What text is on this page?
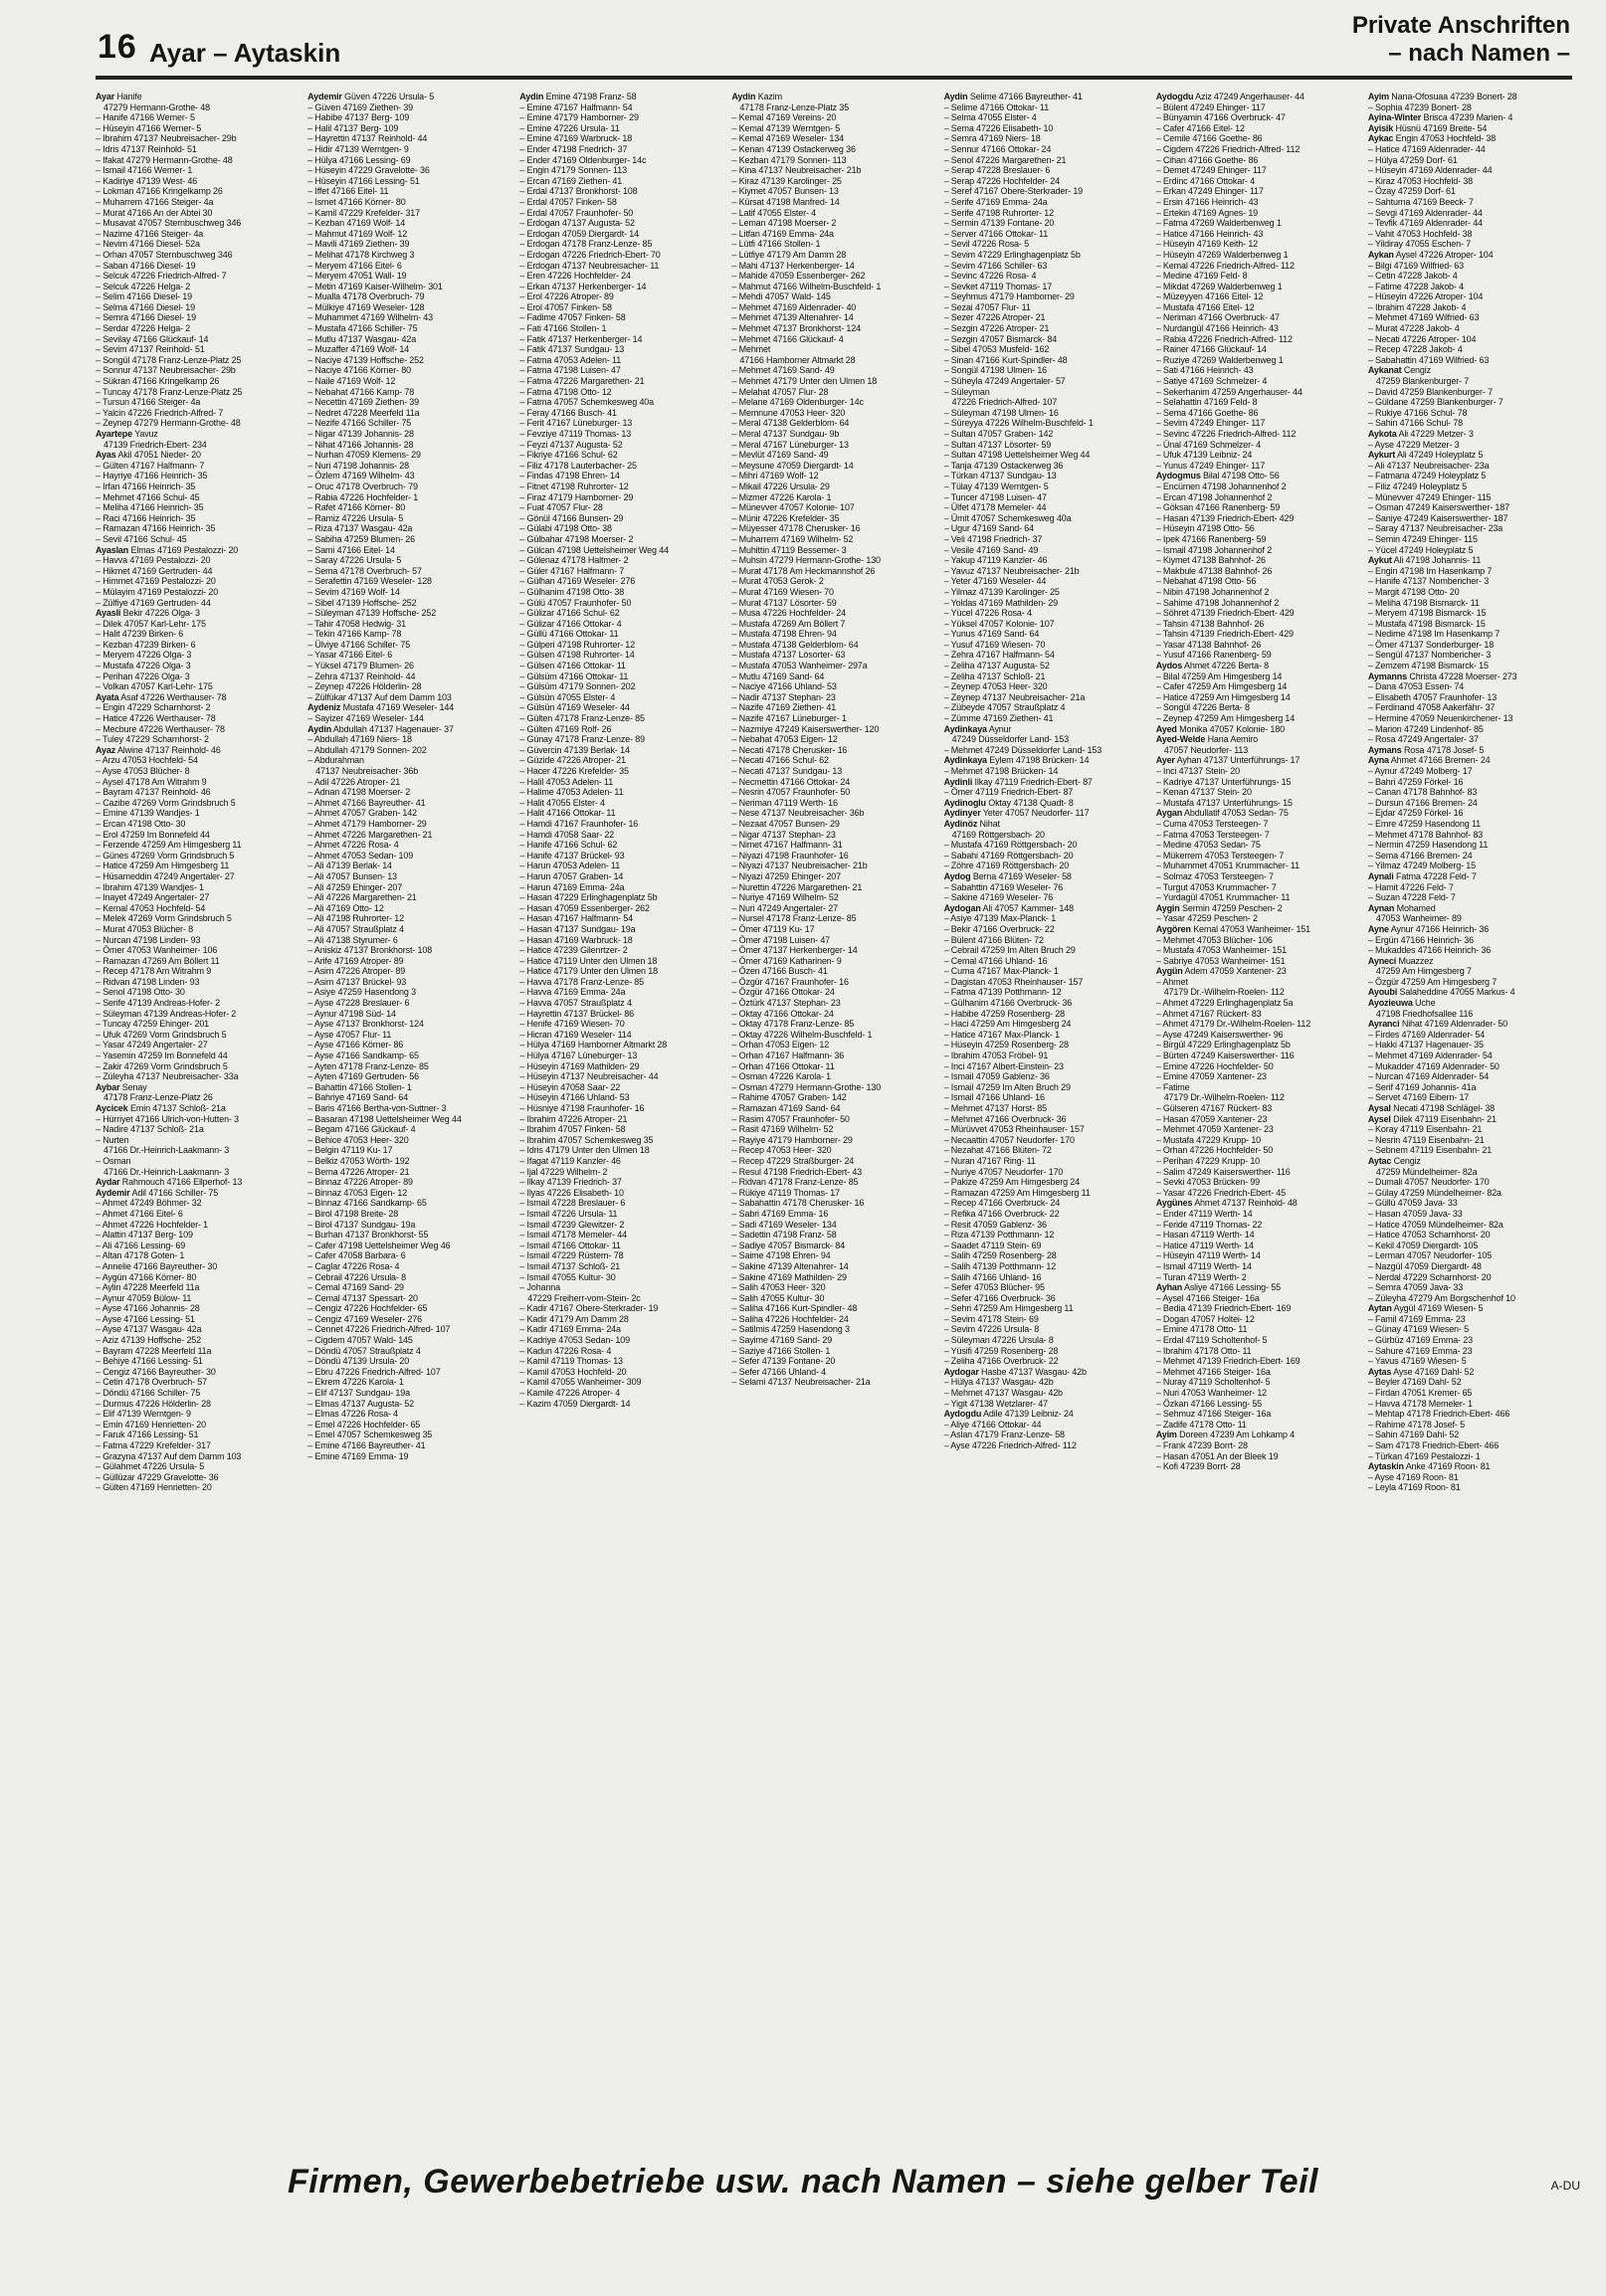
16 Ayar – Aytaskin
Private Anschriften
– nach Namen –
Ayar Hanife
47279 Hermann-Grothe- 48
– Hanife 47166 Werner- 5
– Hüseyin 47166 Werner- 5
– Ibrahim 47137 Neubreisacher- 29b
– Idris 47137 Reinhold- 51
– Ifakat 47279 Hermann-Grothe- 48
– Ismail 47166 Werner- 1
– Kadiriye 47139 West- 46
– Lokman 47166 Kringelkamp 26
– Muharrem 47166 Steiger- 4a
– Murat 47166 An der Abtei 30
– Musavat 47057 Sternbuschweg 346
– Nazime 47166 Steiger- 4a
– Nevim 47166 Diesel- 52a
– Orhan 47057 Sternbuschweg 346
– Saban 47166 Diesel- 19
– Selcuk 47226 Friedrich-Alfred- 7
– Selcuk 47226 Helga- 2
– Selim 47166 Diesel- 19
– Selma 47166 Diesel- 19
– Semra 47166 Diesel- 19
– Serdar 47226 Helga- 2
– Sevilay 47166 Glückauf- 14
– Sevim 47137 Reinhold- 51
– Songül 47178 Franz-Lenze-Platz 25
– Sonnur 47137 Neubreisacher- 29b
– Sükran 47166 Kringelkamp 26
– Tuncay 47178 Franz-Lenze-Platz 25
– Tursun 47166 Steiger- 4a
– Yalcin 47226 Friedrich-Alfred- 7
– Zeynep 47279 Hermann-Grothe- 48
Ayartepe Yavuz
47139 Friedrich-Ebert- 234
Ayas Akil 47051 Nieder- 20
– Gülten 47167 Halfmann- 7
– Hayriye 47166 Heinrich- 35
– Irfan 47166 Heinrich- 35
– Mehmet 47166 Schul- 45
– Meliha 47166 Heinrich- 35
– Raci 47166 Heinrich- 35
– Ramazan 47166 Heinrich- 35
– Sevil 47166 Schul- 45
Ayaslan Elmas 47169 Pestalozzi- 20
– Havva 47169 Pestalozzi- 20
– Hikmet 47169 Gertruden- 44
– Himmet 47169 Pestalozzi- 20
– Mülayim 47169 Pestalozzi- 20
– Zülfiye 47169 Gertruden- 44
Ayasli Bekir 47226 Olga- 3
– Dilek 47057 Karl-Lehr- 175
– Halit 47239 Birken- 6
– Kezban 47239 Birken- 6
– Meryem 47226 Olga- 3
– Mustafa 47226 Olga- 3
– Perihan 47226 Olga- 3
– Volkan 47057 Karl-Lehr- 175
Ayata Asaf 47226 Werthauser- 78
– Engin 47229 Scharnhorst- 2
– Hatice 47226 Werthauser- 78
– Mecbure 47226 Werthauser- 78
– Tuley 47229 Scharnhorst- 2
Ayaz Alwine 47137 Reinhold- 46
– Arzu 47053 Hochfeld- 54
– Ayse 47053 Blücher- 8
– Aysel 47178 Am Witrahm 9
– Bayram 47137 Reinhold- 46
– Cazibe 47269 Vorm Grindsbruch 5
– Emine 47139 Wandjes- 1
– Ercan 47198 Otto- 30
– Erol 47259 Im Bonnefeld 44
– Ferzende 47259 Am Himgesberg 11
– Günes 47269 Vorm Grindsbruch 5
– Hatice 47259 Am Himgesberg 11
– Hüsameddin 47249 Angertaler- 27
– Ibrahim 47139 Wandjes- 1
– Inayet 47249 Angertaler- 27
– Kemal 47053 Hochfeld- 54
– Melek 47269 Vorm Grindsbruch 5
– Murat 47053 Blücher- 8
– Nurcan 47198 Linden- 93
– Ömer 47053 Wanheimer- 106
– Ramazan 47269 Am Böllert 11
– Recep 47178 Am Witrahm 9
– Ridvan 47198 Linden- 93
– Senol 47198 Otto- 30
– Serife 47139 Andreas-Hofer- 2
– Süleyman 47139 Andreas-Hofer- 2
– Tuncay 47259 Ehinger- 201
– Ufuk 47269 Vorm Grindsbruch 5
– Yasar 47249 Angertaler- 27
– Yasemin 47259 Im Bonnefeld 44
– Zakir 47269 Vorm Grindsbruch 5
– Züleyha 47137 Neubreisacher- 33a
Aybar Senay
47178 Franz-Lenze-Platz 26
Aycicek Emin 47137 Schloß- 21a
– Hürriyet 47166 Ulrich-von-Hutten- 3
– Nadire 47137 Schloß- 21a
– Nurten
47166 Dr.-Heinrich-Laakmann- 3
– Osman
47166 Dr.-Heinrich-Laakmann- 3
Aydar Rahmouch 47166 Ellperhof- 13
Aydemir Adil 47166 Schiller- 75
– Ahmet 47249 Böhmer- 32
– Ahmet 47166 Eitel- 6
– Ahmet 47226 Hochfelder- 1
– Alattin 47137 Berg- 109
– Ali 47166 Lessing- 69
– Altan 47178 Goten- 1
– Annelie 47166 Bayreuther- 30
– Aygün 47166 Körner- 80
– Aylin 47228 Meerfeld 11a
– Aynur 47059 Bülow- 11
– Ayse 47166 Johannis- 28
– Ayse 47166 Lessing- 51
– Ayse 47137 Wasgau- 42a
– Aziz 47139 Hoffsche- 252
– Bayram 47228 Meerfeld 11a
– Behiye 47166 Lessing- 51
– Cengiz 47166 Bayreuther- 30
– Cetin 47178 Overbruch- 57
– Döndü 47166 Schiller- 75
– Durmus 47226 Hölderlin- 28
– Elif 47139 Werntgen- 9
– Emin 47169 Henrietten- 20
– Faruk 47166 Lessing- 51
– Fatma 47229 Krefelder- 317
– Grazyna 47137 Auf dem Damm 103
– Gülahmet 47226 Ursula- 5
– Güllüzar 47229 Gravelotte- 36
– Gülten 47169 Henrietten- 20
Aydemir Güven 47226 Ursula- 5
– Güven 47169 Ziethen- 39
– Habibe 47137 Berg- 109
– Halil 47137 Berg- 109
– Hayrettin 47137 Reinhold- 44
– Hidir 47139 Werntgen- 9
– Hülya 47166 Lessing- 69
– Hüseyin 47229 Gravelotte- 36
– Hüseyin 47166 Lessing- 51
– Iffet 47166 Eitel- 11
– Ismet 47166 Körner- 80
– Kamil 47229 Krefelder- 317
– Kezban 47169 Wolf- 14
– Mahmut 47169 Wolf- 12
– Mavili 47169 Ziethen- 39
– Melihat 47178 Kirchweg 3
– Meryem 47166 Eitel- 6
– Meryem 47051 Wall- 19
– Metin 47169 Kaiser-Wilhelm- 301
– Mualla 47178 Overbruch- 79
– Mülkiye 47169 Weseler- 128
– Muhammet 47169 Wilhelm- 43
– Mustafa 47166 Schiller- 75
– Mutlu 47137 Wasgau- 42a
– Muzaffer 47169 Wolf- 14
– Naciye 47139 Hoffsche- 252
– Naciye 47166 Körner- 80
– Naile 47169 Wolf- 12
– Nebahat 47166 Kamp- 78
– Necettin 47169 Ziethen- 39
– Nedret 47228 Meerfeld 11a
– Nezife 47166 Schiller- 75
– Nigar 47139 Johannis- 28
– Nihat 47166 Johannis- 28
– Nurhan 47059 Klemens- 29
– Nuri 47198 Johannis- 28
– Özlem 47169 Wilhelm- 43
– Oruc 47178 Overbruch- 79
– Rabia 47226 Hochfelder- 1
– Rafet 47166 Körner- 80
– Ramiz 47226 Ursula- 5
– Riza 47137 Wasgau- 42a
– Sabiha 47259 Blumen- 26
– Sami 47166 Eitel- 14
– Saray 47226 Ursula- 5
– Sema 47178 Overbruch- 57
– Serafettin 47169 Weseler- 128
– Sevim 47169 Wolf- 14
– Sibel 47139 Hoffsche- 252
– Süleyman 47139 Hoffsche- 252
– Tahir 47058 Hedwig- 31
– Tekin 47166 Kamp- 78
– Ülviye 47166 Schiller- 75
– Yasar 47166 Eitel- 6
– Yüksel 47179 Blumen- 26
– Zehra 47137 Reinhold- 44
– Zeynep 47226 Hölderlin- 28
– Zülfükar 47137 Auf dem Damm 103
Aydeniz Mustafa 47169 Weseler- 144
– Sayizer 47169 Weseler- 144
Aydin Abdullah 47137 Hagenauer- 37
– Abdullah 47169 Niers- 18
– Abdullah 47179 Sonnen- 202
– Abdurahman
47137 Neubreisacher- 36b
– Adil 47226 Atroper- 21
– Adnan 47198 Moerser- 2
– Ahmet 47166 Bayreuther- 41
– Ahmet 47057 Graben- 142
– Ahmet 47179 Hamborner- 29
– Ahmet 47226 Margarethen- 21
– Ahmet 47226 Rosa- 4
– Ahmet 47053 Sedan- 109
– Ali 47139 Berlak- 14
– Ali 47057 Bunsen- 13
– Ali 47259 Ehinger- 207
– Ali 47226 Margarethen- 21
– Ali 47169 Otto- 12
– Ali 47198 Ruhrorter- 12
– Ali 47057 Straußplatz 4
– Ali 47138 Styrumer- 6
– Aniskiz 47137 Bronkhorst- 108
– Arife 47169 Atroper- 89
– Asim 47226 Atroper- 89
– Asim 47137 Brückel- 93
– Asiye 47259 Hasendong 3
– Ayse 47228 Breslauer- 6
– Aynur 47198 Süd- 14
– Ayse 47137 Bronkhorst- 124
– Ayse 47057 Flur- 11
– Ayse 47166 Körner- 86
– Ayse 47166 Sandkamp- 65
– Ayten 47178 Franz-Lenze- 85
– Ayten 47169 Gertruden- 56
– Bahattin 47166 Stollen- 1
– Bahriye 47169 Sand- 64
– Baris 47166 Bertha-von-Suttner- 3
– Basaran 47198 Uettelsheimer Weg 44
– Begam 47166 Glückauf- 4
– Behice 47053 Heer- 320
– Belgin 47119 Ku- 17
– Belkiz 47053 Wörth- 192
– Berna 47226 Atroper- 21
– Binnaz 47226 Atroper- 89
– Binnaz 47053 Eigen- 12
– Binnaz 47166 Sandkamp- 65
– Birol 47198 Breite- 28
– Birol 47137 Sundgau- 19a
– Burhan 47137 Bronkhorst- 55
– Cafer 47198 Uettelsheimer Weg 46
– Cafer 47058 Barbara- 6
– Caglar 47226 Rosa- 4
– Cebrail 47226 Ursula- 8
– Cemal 47169 Sand- 29
– Cemal 47137 Spessart- 20
– Cengiz 47226 Hochfelder- 65
– Cengiz 47169 Weseler- 276
– Cennet 47226 Friedrich-Alfred- 107
– Cigdem 47057 Wald- 145
– Döndü 47057 Straußplatz 4
– Döndü 47139 Ursula- 20
– Ebru 47226 Friedrich-Alfred- 107
– Ekrem 47226 Karola- 1
– Elif 47137 Sundgau- 19a
– Elmas 47137 Augusta- 52
– Elmas 47226 Rosa- 4
– Emel 47226 Hochfelder- 65
– Emel 47057 Schemkesweg 35
– Emine 47166 Bayreuther- 41
– Emine 47169 Emma- 19
Aydin Emine 47198 Franz- 58
– Emine 47167 Halfmann- 54
– Emine 47179 Hamborner- 29
– Emine 47226 Ursula- 11
– Emine 47169 Warbruck- 18
– Ender 47198 Friedrich- 37
– Ender 47169 Oldenburger- 14c
– Engin 47179 Sonnen- 113
– Ercan 47169 Ziethen- 41
– Erdal 47137 Bronkhorst- 108
– Erdal 47057 Finken- 58
– Erdal 47057 Fraunhofer- 50
– Erdogan 47137 Augusta- 52
– Erdogan 47059 Diergardt- 14
– Erdogan 47178 Franz-Lenze- 85
– Erdogan 47226 Friedrich-Ebert- 70
– Erdogan 47137 Neubreisacher- 11
– Eren 47226 Hochfelder- 24
– Erkan 47137 Herkenberger- 14
– Erol 47226 Atroper- 89
– Erol 47057 Finken- 58
– Fadime 47057 Finken- 58
– Fati 47166 Stollen- 1
– Fatik 47137 Herkenberger- 14
– Fatik 47137 Sundgau- 13
– Fatma 47053 Adelen- 11
– Fatma 47198 Luisen- 47
– Fatma 47226 Margarethen- 21
– Fatma 47198 Otto- 12
– Fatma 47057 Schemkesweg 40a
– Feray 47166 Busch- 41
– Ferit 47167 Lüneburger- 13
– Fevziye 47119 Thomas- 13
– Feyzi 47137 Augusta- 52
– Fikriye 47166 Schul- 62
– Filiz 47178 Lauterbacher- 25
– Findas 47198 Ehren- 14
– Fitnet 47198 Ruhrorter- 12
– Firaz 47179 Hamborner- 29
– Fuat 47057 Flur- 28
– Gönül 47166 Bunsen- 29
– Gülabi 47198 Otto- 38
– Gülbahar 47198 Moerser- 2
– Gülcan 47198 Uettelsheimer Weg 44
– Gülenaz 47178 Haltmer- 2
– Güler 47167 Halfmann- 7
– Gülhan 47169 Weseler- 276
– Gülhanim 47198 Otto- 38
– Gülü 47057 Fraunhofer- 50
– Gülizar 47166 Schul- 62
– Gülizar 47166 Ottokar- 4
– Güllü 47166 Ottokar- 11
– Gülperi 47198 Ruhrorter- 12
– Gülsen 47198 Ruhrorter- 14
– Gülsen 47166 Ottokar- 11
– Gülsüm 47166 Ottokar- 11
– Gülsüm 47179 Sonnen- 202
– Gülsün 47055 Elster- 4
– Gülsün 47169 Weseler- 44
– Gülten 47178 Franz-Lenze- 85
– Gülten 47169 Rolf- 26
– Günay 47178 Franz-Lenze- 89
– Güvercin 47139 Berlak- 14
– Güzide 47226 Atroper- 21
– Hacer 47226 Krefelder- 35
– Halil 47053 Adelen- 11
– Halime 47053 Adelen- 11
– Halit 47055 Elster- 4
– Halit 47166 Ottokar- 11
– Hamdi 47167 Fraunhofer- 16
– Hamdi 47058 Saar- 22
– Hanife 47166 Schul- 62
– Hanife 47137 Brückel- 93
– Harun 47053 Adelen- 11
– Harun 47057 Graben- 14
– Harun 47169 Emma- 24a
– Hasan 47229 Erlinghagenplatz 5b
– Hasan 47059 Essenberger- 262
– Hasan 47167 Halfmann- 54
– Hasan 47137 Sundgau- 19a
– Hasan 47169 Warbruck- 18
– Hatice 47239 Gilenrtzer- 2
– Hatice 47119 Unter den Ulmen 18
– Hatice 47179 Unter den Ulmen 18
– Havva 47178 Franz-Lenze- 85
– Havva 47169 Emma- 24a
– Havva 47057 Straußplatz 4
– Hayrettin 47137 Brückel- 86
– Henife 47169 Wiesen- 70
– Hicran 47169 Weseler- 114
– Hülya 47169 Hamborner Altmarkt 28
– Hülya 47167 Lüneburger- 13
– Hüseyin 47169 Mathilden- 29
– Hüseyin 47137 Neubreisacher- 44
– Hüseyin 47058 Saar- 22
– Hüseyin 47166 Uhland- 53
– Hüsniye 47198 Fraunhofer- 16
– Ibrahim 47226 Atroper- 21
– Ibrahim 47057 Finken- 58
– Ibrahim 47057 Schemkesweg 35
– Idris 47179 Unter den Ulmen 18
– Ifagat 47119 Kanzler- 46
– Ijal 47229 Wilhelm- 2
– Ilkay 47139 Friedrich- 37
– Ilyas 47226 Elisabeth- 10
– Ismail 47228 Breslauer- 6
– Ismail 47226 Ursula- 11
– Ismail 47239 Glewitzer- 2
– Ismail 47178 Memeler- 44
– Ismail 47166 Ottokar- 11
– Ismail 47229 Rüstern- 78
– Ismail 47137 Schloß- 21
– Ismail 47055 Kultur- 30
– Johanna
47229 Freiherr-vom-Stein- 2c
– Kadir 47167 Obere-Sterkrader- 19
– Kadir 47179 Am Damm 28
– Kadir 47169 Emma- 24a
– Kadriye 47053 Sedan- 109
– Kadun 47226 Rosa- 4
– Kamil 47119 Thomas- 13
– Kamil 47053 Hochfeld- 20
– Kamil 47055 Wanheimer- 309
– Kamile 47226 Atroper- 4
– Kazim 47059 Diergardt- 14
Aydin Kazim
47178 Franz-Lenze-Platz 35
– Kemal 47169 Vereins- 20
– Kemal 47139 Werntgen- 5
– Kemal 47169 Weseler- 134
– Kenan 47139 Ostackerweg 36
– Kezban 47179 Sonnen- 113
– Kina 47137 Neubreisacher- 21b
– Kiraz 47139 Karolinger- 25
– Kiymet 47057 Bunsen- 13
– Kürsat 47198 Manfred- 14
– Latif 47055 Elster- 4
– Leman 47198 Moerser- 2
– Litfan 47169 Emma- 24a
– Lütfi 47166 Stollen- 1
– Lütfiye 47179 Am Damm 28
– Mahi 47137 Herkenberger- 14
– Mahide 47059 Essenberger- 262
– Mahmut 47166 Wilhelm-Buschfeld- 1
– Mehdi 47057 Wald- 145
– Mehmet 47169 Aldenrader- 40
– Mehmet 47139 Altenahrer- 14
– Mehmet 47137 Bronkhorst- 124
– Mehmet 47166 Glückauf- 4
– Mehmet
47166 Hamborner Altmarkt 28
– Mehmet 47169 Sand- 49
– Mehmet 47179 Unter den Ulmen 18
– Melahat 47057 Flur- 28
– Melane 47169 Oldenburger- 14c
– Memnune 47053 Heer- 320
– Meral 47138 Gelderblom- 64
– Meral 47137 Sundgau- 9b
– Meral 47167 Lüneburger- 13
– Mevlüt 47169 Sand- 49
– Meysune 47059 Diergardt- 14
– Mihri 47169 Wolf- 12
– Mikail 47226 Ursula- 29
– Mizmer 47226 Karola- 1
– Münevver 47057 Kolonie- 107
– Münir 47226 Krefelder- 35
– Müyesser 47178 Cherusker- 16
– Muharrem 47169 Wilhelm- 52
– Muhittin 47119 Bessemer- 3
– Muhsin 47279 Hermann-Grothe- 130
– Murat 47178 Am Heckmannshof 26
– Murat 47053 Gerok- 2
– Murat 47169 Wiesen- 70
– Murat 47137 Lösorter- 59
– Musa 47226 Hochfelder- 24
– Mustafa 47269 Am Böllert 7
– Mustafa 47198 Ehren- 94
– Mustafa 47138 Gelderblom- 64
– Mustafa 47137 Lösorter- 63
– Mustafa 47053 Wanheimer- 297a
– Mutlu 47169 Sand- 64
– Naciye 47166 Uhland- 53
– Nadir 47137 Stephan- 23
– Nazife 47169 Ziethen- 41
– Nazife 47167 Lüneburger- 1
– Nazmiye 47249 Kaiserswerther- 120
– Nebahat 47053 Eigen- 12
– Necati 47178 Cherusker- 16
– Necati 47166 Schul- 62
– Necati 47137 Sundgau- 13
– Necmettin 47166 Ottokar- 24
– Nesrin 47057 Fraunhofer- 50
– Neriman 47119 Werth- 16
– Nese 47137 Neubreisacher- 36b
– Nezaat 47057 Bunsen- 29
– Nigar 47137 Stephan- 23
– Nimet 47167 Halfmann- 31
– Niyazi 47198 Fraunhofer- 16
– Niyazi 47137 Neubreisacher- 21b
– Niyazi 47259 Ehinger- 207
– Nurettin 47226 Margarethen- 21
– Nuriye 47169 Wilhelm- 52
– Nuri 47249 Angertaler- 27
– Nursel 47178 Franz-Lenze- 85
– Ömer 47119 Ku- 17
– Ömer 47198 Luisen- 47
– Ömer 47137 Herkenberger- 14
– Ömer 47169 Katharinen- 9
– Özen 47166 Busch- 41
– Özgür 47167 Fraunhofer- 16
– Özgür 47166 Ottokar- 24
– Öztürk 47137 Stephan- 23
– Oktay 47166 Ottokar- 24
– Oktay 47178 Franz-Lenze- 85
– Oktay 47226 Wilhelm-Buschfeld- 1
– Orhan 47053 Eigen- 12
– Orhan 47167 Halfmann- 36
– Orhan 47166 Ottokar- 11
– Osman 47226 Karola- 1
– Osman 47279 Hermann-Grothe- 130
– Rahime 47057 Graben- 142
– Ramazan 47169 Sand- 64
– Rasim 47057 Fraunhofer- 50
– Rasit 47169 Wilhelm- 52
– Rayiye 47179 Hamborner- 29
– Recep 47053 Heer- 320
– Recep 47229 Straßburger- 24
– Resul 47198 Friedrich-Ebert- 43
– Ridvan 47178 Franz-Lenze- 85
– Rükiye 47119 Thomas- 17
– Sabahattin 47178 Cherusker- 16
– Sabri 47169 Emma- 16
– Sadi 47169 Weseler- 134
– Sadettin 47198 Franz- 58
– Sadiye 47057 Bismarck- 84
– Saime 47198 Ehren- 94
– Sakine 47139 Altenahrer- 14
– Sakine 47169 Mathilden- 29
– Salih 47053 Heer- 320
– Salih 47055 Kultur- 30
– Saliha 47166 Kurt-Spindler- 48
– Saliha 47226 Hochfelder- 24
– Satilmis 47259 Hasendong 3
– Sayime 47169 Sand- 29
– Saziye 47166 Stollen- 1
– Sefer 47139 Fontane- 20
– Sefer 47166 Uhland- 4
– Selami 47137 Neubreisacher- 21a
Aydin Selime 47166 Bayreuther- 41
– Selime 47166 Ottokar- 11
– Selma 47055 Elster- 4
– Sema 47226 Elisabeth- 10
– Semra 47169 Niers- 18
– Sennur 47166 Ottokar- 24
– Senol 47226 Margarethen- 21
– Serap 47228 Breslauer- 6
– Serap 47226 Hochfelder- 24
– Seref 47167 Obere-Sterkrader- 19
– Serife 47169 Emma- 24a
– Serife 47198 Ruhrorter- 12
– Sermin 47139 Fontane- 20
– Server 47166 Ottokar- 11
– Sevil 47226 Rosa- 5
– Sevim 47229 Erlinghagenplatz 5b
– Sevim 47166 Schiller- 63
– Sevinc 47226 Rosa- 4
– Sevket 47119 Thomas- 17
– Seyhmus 47179 Hamborner- 29
– Sezai 47057 Flur- 11
– Sezer 47226 Atroper- 21
– Sezgin 47226 Atroper- 21
– Sezgin 47057 Bismarck- 84
– Sibel 47053 Musfeld- 162
– Sinan 47166 Kurt-Spindler- 48
– Songül 47198 Ulmen- 16
– Süheyla 47249 Angertaler- 57
– Süleyman
47226 Friedrich-Alfred- 107
– Süleyman 47198 Ulmen- 16
– Süreyya 47226 Wilhelm-Buschfeld- 1
– Sultan 47057 Graben- 142
– Sultan 47137 Lösorter- 59
– Sultan 47198 Uettelsheimer Weg 44
– Tanja 47139 Ostackerweg 36
– Türkan 47137 Sundgau- 13
– Tülay 47139 Werntgen- 5
– Tuncer 47198 Luisen- 47
– Ülfet 47178 Memeler- 44
– Ümit 47057 Schemkesweg 40a
– Ugur 47169 Sand- 64
– Veli 47198 Friedrich- 37
– Vesile 47169 Sand- 49
– Yakup 47119 Kanzler- 46
– Yavuz 47137 Neubreisacher- 21b
– Yeter 47169 Weseler- 44
– Yilmaz 47139 Karolinger- 25
– Yoldas 47169 Mathilden- 29
– Yücel 47226 Rosa- 4
– Yüksel 47057 Kolonie- 107
– Yunus 47169 Sand- 64
– Yusuf 47169 Wiesen- 70
– Zehra 47167 Halfmann- 54
– Zeliha 47137 Augusta- 52
– Zeliha 47137 Schloß- 21
– Zeynep 47053 Heer- 320
– Zeynep 47137 Neubreisacher- 21a
– Zübeyde 47057 Straußplatz 4
– Zümme 47169 Ziethen- 41
Aydinkaya Aynur
47249 Düsseldorfer Land- 153
– Mehmet 47249 Düsseldorfer Land- 153
Aydinkaya Eylem 47198 Brücken- 14
– Mehmet 47198 Brücken- 14
Aydinli Ilkay 47119 Friedrich-Ebert- 87
– Ömer 47119 Friedrich-Ebert- 87
Aydinoglu Oktay 47138 Quadt- 8
Aydinyer Yeter 47057 Neudorfer- 117
Aydinöz Nihat
47169 Röttgersbach- 20
– Mustafa 47169 Röttgersbach- 20
– Sabahi 47169 Röttgersbach- 20
– Zöhre 47169 Röttgersbach- 20
Aydog Berna 47169 Weseler- 58
– Sabahttin 47169 Weseler- 76
– Sakine 47169 Weseler- 76
Aydogan Ali 47057 Kammer- 148
– Asiye 47139 Max-Planck- 1
– Bekir 47166 Overbruck- 22
– Bülent 47166 Blüten- 72
– Cebrail 47259 Im Alten Bruch 29
– Cemal 47166 Uhland- 16
– Cuma 47167 Max-Planck- 1
– Dagistan 47053 Rheinhauser- 157
– Fatma 47139 Potthmann- 12
– Gülhanim 47166 Overbruck- 36
– Habibe 47259 Rosenberg- 28
– Haci 47259 Am Himgesberg 24
– Hatice 47167 Max-Planck- 1
– Hüseyin 47259 Rosenberg- 28
– Ibrahim 47053 Fröbel- 91
– Inci 47167 Albert-Einstein- 23
– Ismail 47059 Gablenz- 36
– Ismail 47259 Im Alten Bruch 29
– Ismail 47166 Uhland- 16
– Mehmet 47137 Horst- 85
– Mehmet 47166 Overbruck- 36
– Mürüvvet 47053 Rheinhauser- 157
– Necaattin 47057 Neudorfer- 170
– Nezahat 47166 Blüten- 72
– Nuran 47167 Ring- 11
– Nuriye 47057 Neudorfer- 170
– Pakize 47259 Am Himgesberg 24
– Ramazan 47259 Am Himgesberg 11
– Recep 47166 Overbruck- 24
– Refika 47166 Overbruck- 22
– Resit 47059 Gablenz- 36
– Riza 47139 Potthmann- 12
– Saadet 47119 Stein- 69
– Salih 47259 Rosenberg- 28
– Salih 47139 Potthmann- 12
– Salih 47166 Uhland- 16
– Sefer 47053 Blücher- 95
– Sefer 47166 Overbruck- 36
– Sehri 47259 Am Himgesberg 11
– Sevim 47178 Stein- 69
– Sevim 47226 Ursula- 8
– Süleyman 47226 Ursula- 8
– Yüsifi 47259 Rosenberg- 28
– Zeliha 47166 Overbruck- 22
Aydogar Hasbe 47137 Wasgau- 42b
– Hülya 47137 Wasgau- 42b
– Mehmet 47137 Wasgau- 42b
– Yigit 47138 Wetzlarer- 47
Aydogdu Adile 47139 Leibniz- 24
– Aliye 47166 Ottokar- 44
– Aslan 47179 Franz-Lenze- 58
– Ayse 47226 Friedrich-Alfred- 112
Aydogdu Aziz 47249 Angerhauser- 44
– Bülent 47249 Ehinger- 117
– Bünyamin 47166 Overbruck- 47
– Cafer 47166 Eitel- 12
– Cemile 47166 Goethe- 86
– Cigdem 47226 Friedrich-Alfred- 112
– Cihan 47166 Goethe- 86
– Demet 47249 Ehinger- 117
– Erdinc 47166 Ottokar- 4
– Erkan 47249 Ehinger- 117
– Ersin 47166 Heinrich- 43
– Ertekin 47169 Agnes- 19
– Fatma 47269 Walderbenweg 1
– Hatice 47166 Heinrich- 43
– Hüseyin 47169 Keith- 12
– Hüseyin 47269 Walderbenweg 1
– Kemal 47226 Friedrich-Alfred- 112
– Medine 47169 Feld- 8
– Mikdat 47269 Walderbenweg 1
– Müzeyyen 47166 Eitel- 12
– Mustafa 47166 Eitel- 12
– Neriman 47166 Overbruck- 47
– Nurdangül 47166 Heinrich- 43
– Rabia 47226 Friedrich-Alfred- 112
– Rainer 47166 Glückauf- 14
– Ruziye 47269 Walderbenweg 1
– Sati 47166 Heinrich- 43
– Satiye 47169 Schmelzer- 4
– Sekerhanim 47259 Angerhauser- 44
– Selahattin 47169 Feld- 8
– Sema 47166 Goethe- 86
– Sevim 47249 Ehinger- 117
– Sevinc 47226 Friedrich-Alfred- 112
– Ünal 47169 Schmelzer- 4
– Ufuk 47139 Leibniz- 24
– Yunus 47249 Ehinger- 117
Aydogmus Bilal 47198 Otto- 56
– Encümen 47198 Johannenhof 2
– Ercan 47198 Johannenhof 2
– Göksan 47166 Ranenberg- 59
– Hasan 47139 Friedrich-Ebert- 429
– Hüseyin 47198 Otto- 56
– Ipek 47166 Ranenberg- 59
– Ismail 47198 Johannenhof 2
– Kiymet 47138 Bahnhof- 26
– Makbule 47138 Bahnhof- 26
– Nebahat 47198 Otto- 56
– Nibin 47198 Johannenhof 2
– Sahime 47198 Johannenhof 2
– Söhret 47139 Friedrich-Ebert- 429
– Tahsin 47138 Bahnhof- 26
– Tahsin 47139 Friedrich-Ebert- 429
– Yasar 47138 Bahnhof- 26
– Yusuf 47166 Ranenberg- 59
Aydos Ahmet 47226 Berta- 8
– Bilal 47259 Am Himgesberg 14
– Cafer 47259 Am Himgesberg 14
– Hatice 47259 Am Himgesberg 14
– Songül 47226 Berta- 8
– Zeynep 47259 Am Himgesberg 14
Ayed Monika 47057 Kolonie- 180
Ayed-Welde Hana Aemiro
47057 Neudorfer- 113
Ayer Ayhan 47137 Unterführungs- 17
– Inci 47137 Stein- 20
– Kadriye 47137 Unterführungs- 15
– Kenan 47137 Stein- 20
– Mustafa 47137 Unterführungs- 15
Aygan Abdullatif 47053 Sedan- 75
– Cuma 47053 Tersteegen- 7
– Fatma 47053 Tersteegen- 7
– Medine 47053 Sedan- 75
– Mükerrem 47053 Tersteegen- 7
– Muhammet 47051 Krummacher- 11
– Solmaz 47053 Tersteegen- 7
– Turgut 47053 Krummacher- 7
– Yurdagül 47051 Krummacher- 11
Aygin Sermin 47259 Peschen- 2
– Yasar 47259 Peschen- 2
Aygören Kemal 47053 Wanheimer- 151
– Mehmet 47053 Blücher- 106
– Mustafa 47053 Wanheimer- 151
– Sabriye 47053 Wanheimer- 151
Aygün Adem 47059 Xantener- 23
– Ahmet
47179 Dr.-Wilhelm-Roelen- 112
– Ahmet 47229 Erlinghagenplatz 5a
– Ahmet 47167 Rückert- 83
– Ahmet 47179 Dr.-Wilhelm-Roelen- 112
– Ayse 47249 Kaiserswerther- 96
– Birgül 47229 Erlinghagenplatz 5b
– Bürten 47249 Kaiserswerther- 116
– Emine 47226 Hochfelder- 50
– Emine 47059 Xantener- 23
– Fatime
47179 Dr.-Wilhelm-Roelen- 112
– Gülseren 47167 Rückert- 83
– Hasan 47059 Xantener- 23
– Mehmet 47059 Xantener- 23
– Mustafa 47229 Krupp- 10
– Orhan 47226 Hochfelder- 50
– Perihan 47229 Krupp- 10
– Salim 47249 Kaiserswerther- 116
– Sevki 47053 Brücken- 99
– Yasar 47226 Friedrich-Ebert- 45
Aygünes Ahmet 47137 Reinhold- 48
– Ender 47119 Werth- 14
– Feride 47119 Thomas- 22
– Hasan 47119 Werth- 14
– Hatice 47119 Werth- 14
– Hüseyin 47119 Werth- 14
– Ismail 47119 Werth- 14
– Turan 47119 Werth- 2
Ayhan Asliye 47166 Lessing- 55
– Aysel 47166 Steiger- 16a
– Bedia 47139 Friedrich-Ebert- 169
– Dogan 47057 Holtei- 12
– Emine 47178 Otto- 11
– Erdal 47119 Scholtenhof- 5
– Ibrahim 47178 Otto- 11
– Mehmet 47139 Friedrich-Ebert- 169
– Mehmet 47166 Steiger- 16a
– Nuray 47119 Scholtenhof- 5
– Nuri 47053 Wanheimer- 12
– Özkan 47166 Lessing- 55
– Sehmuz 47166 Steiger- 16a
– Zadife 47178 Otto- 11
Ayim Doreen 47239 Am Lohkamp 4
– Frank 47239 Borrt- 28
– Hasan 47051 An der Bleek 19
– Kofi 47239 Borrt- 28
Ayim Nana-Ofosuaa 47239 Bonert- 28
– Sophia 47239 Bonert- 28
Ayina-Winter Brisca 47239 Marien- 4
Ayisik Hüsnü 47169 Breite- 54
Aykac Engin 47053 Hochfeld- 38
– Hatice 47169 Aldenrader- 44
– Hülya 47259 Dorf- 61
– Hüseyin 47169 Aldenrader- 44
– Kiraz 47053 Hochfeld- 38
– Özay 47259 Dorf- 61
– Sahturna 47169 Beeck- 7
– Sevgi 47169 Aldenrader- 44
– Tevfik 47169 Aldenrader- 44
– Vahit 47053 Hochfeld- 38
– Yildiray 47055 Eschen- 7
Aykan Aysel 47226 Atroper- 104
– Bilgi 47169 Wilfried- 63
– Cetin 47228 Jakob- 4
– Fatime 47228 Jakob- 4
– Hüseyin 47226 Atroper- 104
– Ibrahim 47228 Jakob- 4
– Mehmet 47169 Wilfried- 63
– Murat 47228 Jakob- 4
– Necati 47226 Atroper- 104
– Recep 47228 Jakob- 4
– Sabahattin 47169 Wilfried- 63
Aykanat Cengiz
47259 Blankenburger- 7
– David 47259 Blankenburger- 7
– Güldane 47259 Blankenburger- 7
– Rukiye 47166 Schul- 78
– Sahin 47166 Schul- 78
Aykota Ali 47229 Metzer- 3
– Ayse 47229 Metzer- 3
Aykurt Ali 47249 Holeyplatz 5
– Ali 47137 Neubreisacher- 23a
– Fatmana 47249 Holeyplatz 5
– Filiz 47249 Holeyplatz 5
– Münevver 47249 Ehinger- 115
– Osman 47249 Kaiserswerther- 187
– Saniye 47249 Kaiserswerther- 187
– Saray 47137 Neubreisacher- 23a
– Semin 47249 Ehinger- 115
– Yücel 47249 Holeyplatz 5
Aykut Ali 47198 Johannis- 11
– Engin 47198 Im Hasenkamp 7
– Hanife 47137 Nombericher- 3
– Margit 47198 Otto- 20
– Meliha 47198 Bismarck- 11
– Meryem 47198 Bismarck- 15
– Mustafa 47198 Bismarck- 15
– Nedime 47198 Im Hasenkamp 7
– Ömer 47137 Sonderburger- 18
– Sengül 47137 Nombericher- 3
– Zemzem 47198 Bismarck- 15
Aymanns Christa 47228 Moerser- 273
– Dana 47053 Essen- 74
– Elisabeth 47057 Fraunhofer- 13
– Ferdinand 47058 Aakerfähr- 37
– Hermine 47059 Neuenkirchener- 13
– Marion 47249 Lindenhof- 85
– Rosa 47249 Angertaler- 37
Aymans Rosa 47178 Josef- 5
Ayna Ahmet 47166 Bremen- 24
– Aynur 47249 Molberg- 17
– Bahri 47259 Förkel- 16
– Canan 47178 Bahnhof- 83
– Dursun 47166 Bremen- 24
– Ejdar 47259 Förkel- 16
– Emre 47259 Hasendong 11
– Mehmet 47178 Bahnhof- 83
– Nermin 47259 Hasendong 11
– Sema 47166 Bremen- 24
– Yilmaz 47249 Molberg- 15
Aynali Fatma 47228 Feld- 7
– Hamit 47226 Feld- 7
– Suzan 47228 Feld- 7
Aynan Mohamed
47053 Wanheimer- 89
Ayne Aynur 47166 Heinrich- 36
– Ergün 47166 Heinrich- 36
– Mukaddes 47166 Heinrich- 36
Ayneci Muazzez
47259 Am Himgesberg 7
– Özgür 47259 Am Himgesberg 7
Ayoubi Salaheddine 47055 Markus- 4
Ayozieuwa Uche
47198 Friedhofsallee 116
Ayranci Nihat 47169 Aldenrader- 50
– Firdes 47169 Aldenrader- 54
– Hakki 47137 Hagenauer- 35
– Mehmet 47169 Aldenrader- 54
– Mukadder 47169 Aldenrader- 50
– Nurcan 47169 Aldenrader- 54
– Serif 47169 Johannis- 41a
– Servet 47169 Eibern- 17
Aysal Necati 47198 Schlägel- 38
Aysel Dilek 47119 Eisenbahn- 21
– Koray 47119 Eisenbahn- 21
– Nesrin 47119 Eisenbahn- 21
– Sebnem 47119 Eisenbahn- 21
Aytac Cengiz
47259 Mündelheimer- 82a
– Dumali 47057 Neudorfer- 170
– Gülay 47259 Mündelheimer- 82a
– Güllü 47059 Java- 33
– Hasan 47059 Java- 33
– Hatice 47059 Mündelheimer- 82a
– Hatice 47053 Scharnhorst- 20
– Kekil 47059 Diergardt- 105
– Lerman 47057 Neudorfer- 105
– Nazgül 47059 Diergardt- 48
– Nerdal 47229 Scharnhorst- 20
– Semra 47059 Java- 33
– Züleyha 47279 Am Borgschenhof 10
Aytan Aygül 47169 Wiesen- 5
– Famil 47169 Emma- 23
– Günay 47169 Wiesen- 5
– Gürbüz 47169 Emma- 23
– Sahure 47169 Emma- 23
– Yavus 47169 Wiesen- 5
Aytas Ayse 47169 Dahl- 52
– Beyler 47169 Dahl- 52
– Firdan 47051 Kremer- 65
– Havva 47178 Memeler- 1
– Mehtap 47178 Friedrich-Ebert- 466
– Rahime 47178 Josef- 5
– Sahin 47169 Dahl- 52
– Sam 47178 Friedrich-Ebert- 466
– Türkan 47169 Pestalozzi- 1
Aytaskin Anke 47169 Roon- 81
– Ayse 47169 Roon- 81
– Leyla 47169 Roon- 81
Firmen, Gewerbebetriebe usw. nach Namen – siehe gelber Teil	A-DU
